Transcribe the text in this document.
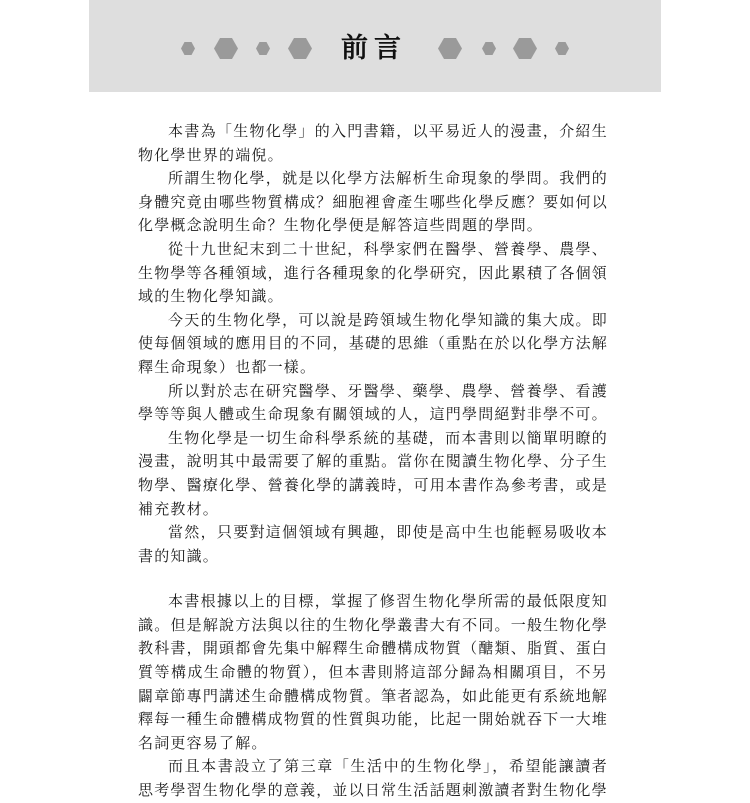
前言

本書為「生物化學」的入門書籍，以平易近人的漫畫，介紹生物化學世界的端倪。

所謂生物化學，就是以化學方法解析生命現象的學問。我們的身體究竟由哪些物質構成？細胞裡會產生哪些化學反應？要如何以化學概念說明生命？生物化學便是解答這些問題的學問。

從十九世紀末到二十世紀，科學家們在醫學、營養學、農學、生物學等各種領域，進行各種現象的化學研究，因此累積了各個領域的生物化學知識。

今天的生物化學，可以說是跨領域生物化學知識的集大成。即使每個領域的應用目的不同，基礎的思維（重點在於以化學方法解釋生命現象）也都一樣。

所以對於志在研究醫學、牙醫學、藥學、農學、營養學、看護學等等與人體或生命現象有關領域的人，這門學問絕對非學不可。

生物化學是一切生命科學系統的基礎，而本書則以簡單明瞭的漫畫，說明其中最需要了解的重點。當你在閱讀生物化學、分子生物學、醫療化學、營養化學的講義時，可用本書作為參考書，或是補充教材。

當然，只要對這個領域有興趣，即使是高中生也能輕易吸收本書的知識。

本書根據以上的目標，掌握了修習生物化學所需的最低限度知識。但是解說方法與以往的生物化學叢書大有不同。一般生物化學教科書，開頭都會先集中解釋生命體構成物質（醣類、脂質、蛋白質等構成生命體的物質），但本書則將這部分歸為相關項目，不另闢章節專門講述生命體構成物質。筆者認為，如此能更有系統地解釋每一種生命體構成物質的性質與功能，比起一開始就吞下一大堆名詞更容易了解。

而且本書設立了第三章「生活中的生物化學」，希望能讓讀者思考學習生物化學的意義，並以日常生活話題刺激讀者對生物化學
